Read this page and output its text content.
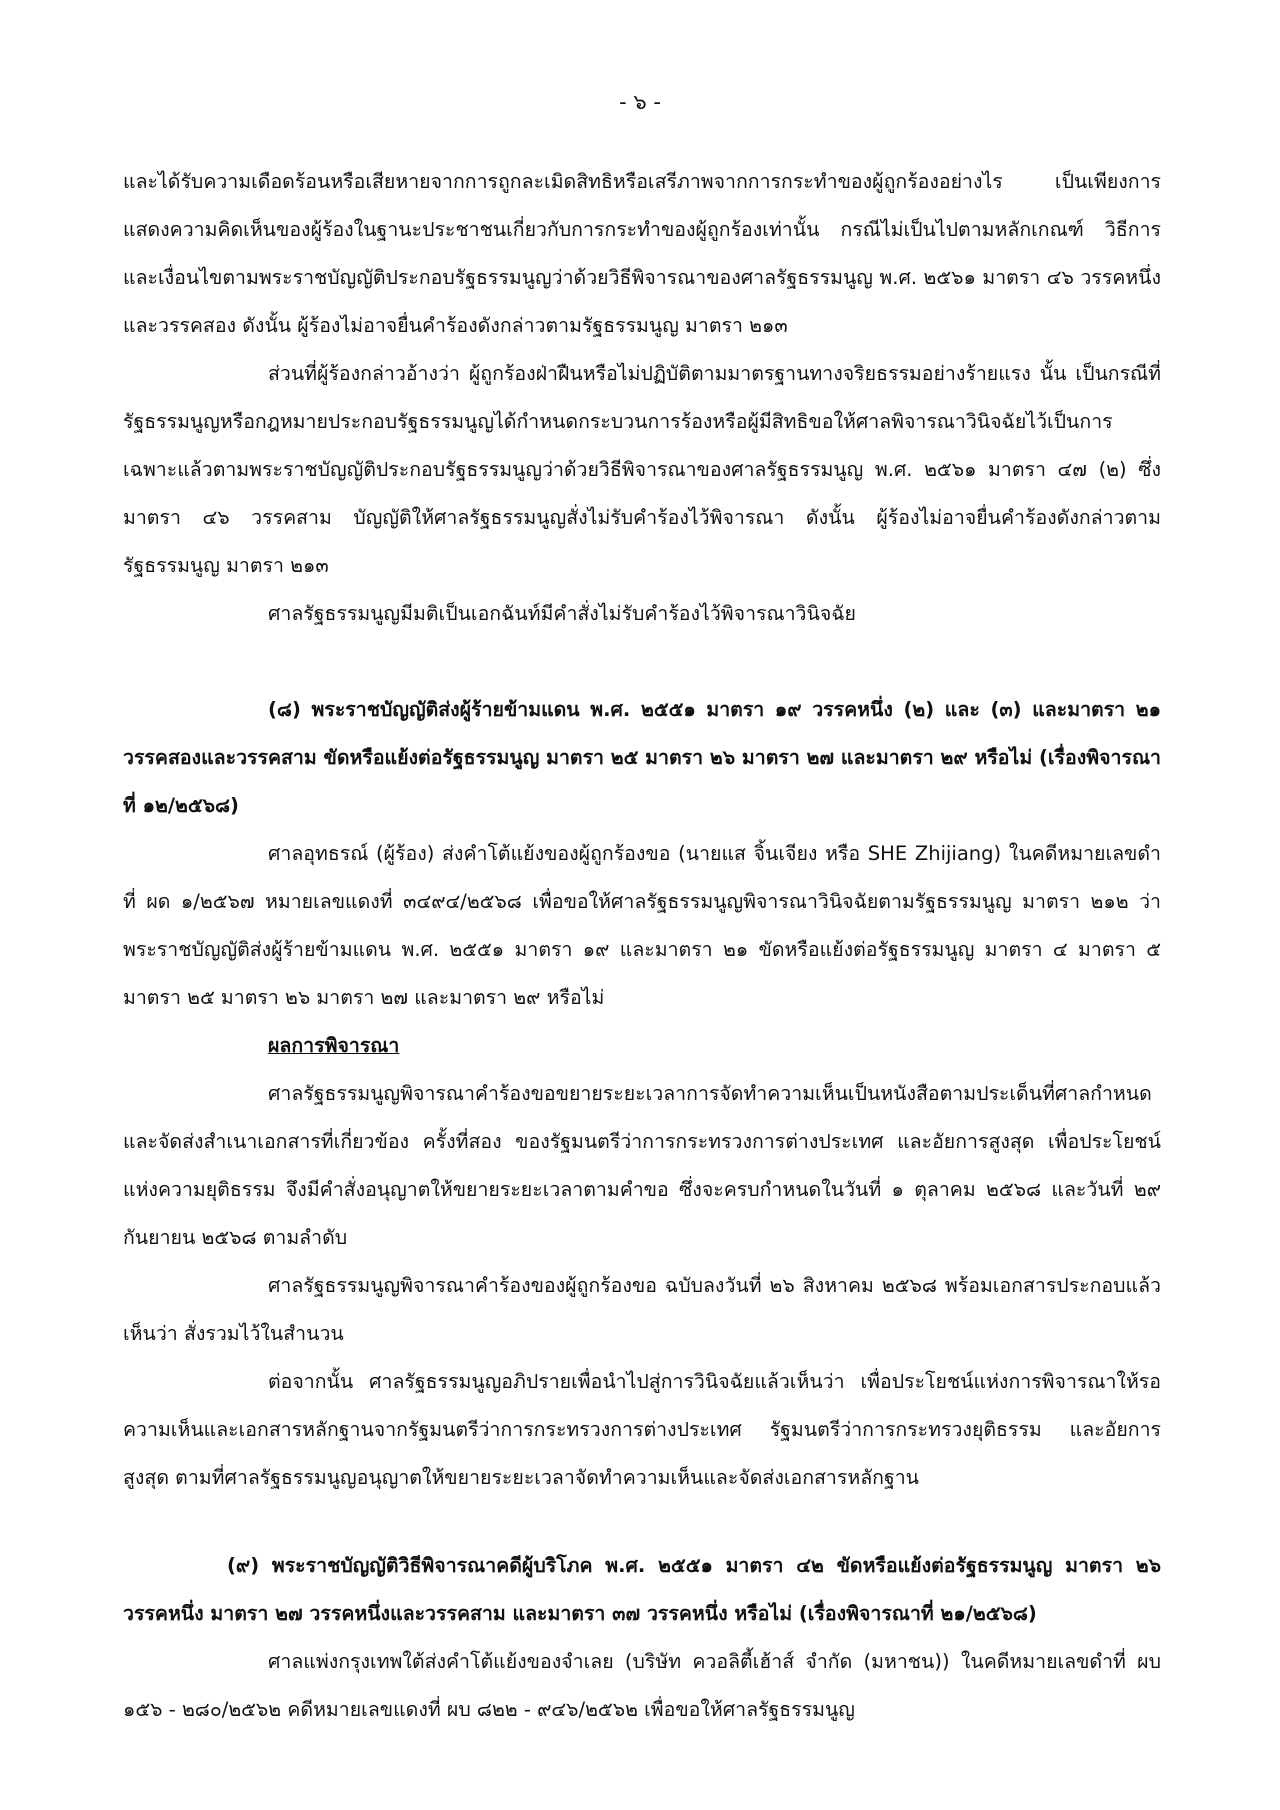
- ๖ -

และได้รับความเดือดร้อนหรือเสียหายจากการถูกละเมิดสิทธิหรือเสรีภาพจากการกระทำของผู้ถูกร้องอย่างไร เป็นเพียงการแสดงความคิดเห็นของผู้ร้องในฐานะประชาชนเกี่ยวกับการกระทำของผู้ถูกร้องเท่านั้น กรณีไม่เป็นไปตามหลักเกณฑ์ วิธีการ และเงื่อนไขตามพระราชบัญญัติประกอบรัฐธรรมนูญว่าด้วยวิธีพิจารณาของศาลรัฐธรรมนูญ พ.ศ. ๒๕๖๑ มาตรา ๔๖ วรรคหนึ่งและวรรคสอง ดังนั้น ผู้ร้องไม่อาจยื่นคำร้องดังกล่าวตามรัฐธรรมนูญ มาตรา ๒๑๓

ส่วนที่ผู้ร้องกล่าวอ้างว่า ผู้ถูกร้องฝ่าฝืนหรือไม่ปฏิบัติตามมาตรฐานทางจริยธรรมอย่างร้ายแรง นั้น เป็นกรณีที่รัฐธรรมนูญหรือกฎหมายประกอบรัฐธรรมนูญได้กำหนดกระบวนการร้องหรือผู้มีสิทธิขอให้ศาลพิจารณาวินิจฉัยไว้เป็นการเฉพาะแล้วตามพระราชบัญญัติประกอบรัฐธรรมนูญว่าด้วยวิธีพิจารณาของศาลรัฐธรรมนูญ พ.ศ. ๒๕๖๑ มาตรา ๔๗ (๒) ซึ่งมาตรา ๔๖ วรรคสาม บัญญัติให้ศาลรัฐธรรมนูญสั่งไม่รับคำร้องไว้พิจารณา ดังนั้น ผู้ร้องไม่อาจยื่นคำร้องดังกล่าวตามรัฐธรรมนูญ มาตรา ๒๑๓

ศาลรัฐธรรมนูญมีมติเป็นเอกฉันท์มีคำสั่งไม่รับคำร้องไว้พิจารณาวินิจฉัย

(๘) พระราชบัญญัติส่งผู้ร้ายข้ามแดน พ.ศ. ๒๕๕๑ มาตรา ๑๙ วรรคหนึ่ง (๒) และ (๓) และมาตรา ๒๑ วรรคสองและวรรคสาม ขัดหรือแย้งต่อรัฐธรรมนูญ มาตรา ๒๕ มาตรา ๒๖ มาตรา ๒๗ และมาตรา ๒๙ หรือไม่ (เรื่องพิจารณาที่ ๑๒/๒๕๖๘)

ศาลอุทธรณ์ (ผู้ร้อง) ส่งคำโต้แย้งของผู้ถูกร้องขอ (นายแส จิ้นเจียง หรือ SHE Zhijiang) ในคดีหมายเลขดำที่ ผด ๑/๒๕๖๗ หมายเลขแดงที่ ๓๔๙๔/๒๕๖๘ เพื่อขอให้ศาลรัฐธรรมนูญพิจารณาวินิจฉัยตามรัฐธรรมนูญ มาตรา ๒๑๒ ว่า พระราชบัญญัติส่งผู้ร้ายข้ามแดน พ.ศ. ๒๕๕๑ มาตรา ๑๙ และมาตรา ๒๑ ขัดหรือแย้งต่อรัฐธรรมนูญ มาตรา ๔ มาตรา ๕ มาตรา ๒๕ มาตรา ๒๖ มาตรา ๒๗ และมาตรา ๒๙ หรือไม่

ผลการพิจารณา

ศาลรัฐธรรมนูญพิจารณาคำร้องขอขยายระยะเวลาการจัดทำความเห็นเป็นหนังสือตามประเด็นที่ศาลกำหนดและจัดส่งสำเนาเอกสารที่เกี่ยวข้อง ครั้งที่สอง ของรัฐมนตรีว่าการกระทรวงการต่างประเทศ และอัยการสูงสุด เพื่อประโยชน์แห่งความยุติธรรม จึงมีคำสั่งอนุญาตให้ขยายระยะเวลาตามคำขอ ซึ่งจะครบกำหนดในวันที่ ๑ ตุลาคม ๒๕๖๘ และวันที่ ๒๙ กันยายน ๒๕๖๘ ตามลำดับ

ศาลรัฐธรรมนูญพิจารณาคำร้องของผู้ถูกร้องขอ ฉบับลงวันที่ ๒๖ สิงหาคม ๒๕๖๘ พร้อมเอกสารประกอบแล้วเห็นว่า สั่งรวมไว้ในสำนวน

ต่อจากนั้น ศาลรัฐธรรมนูญอภิปรายเพื่อนำไปสู่การวินิจฉัยแล้วเห็นว่า เพื่อประโยชน์แห่งการพิจารณาให้รอความเห็นและเอกสารหลักฐานจากรัฐมนตรีว่าการกระทรวงการต่างประเทศ รัฐมนตรีว่าการกระทรวงยุติธรรม และอัยการสูงสุด ตามที่ศาลรัฐธรรมนูญอนุญาตให้ขยายระยะเวลาจัดทำความเห็นและจัดส่งเอกสารหลักฐาน

(๙) พระราชบัญญัติวิธีพิจารณาคดีผู้บริโภค พ.ศ. ๒๕๕๑ มาตรา ๔๒ ขัดหรือแย้งต่อรัฐธรรมนูญ มาตรา ๒๖ วรรคหนึ่ง มาตรา ๒๗ วรรคหนึ่งและวรรคสาม และมาตรา ๓๗ วรรคหนึ่ง หรือไม่ (เรื่องพิจารณาที่ ๒๑/๒๕๖๘)

ศาลแพ่งกรุงเทพใต้ส่งคำโต้แย้งของจำเลย (บริษัท ควอลิตี้เฮ้าส์ จำกัด (มหาชน)) ในคดีหมายเลขดำที่ ผบ ๑๕๖ - ๒๘๐/๒๕๖๒ คดีหมายเลขแดงที่ ผบ ๘๒๒ - ๙๔๖/๒๕๖๒ เพื่อขอให้ศาลรัฐธรรมนูญ
